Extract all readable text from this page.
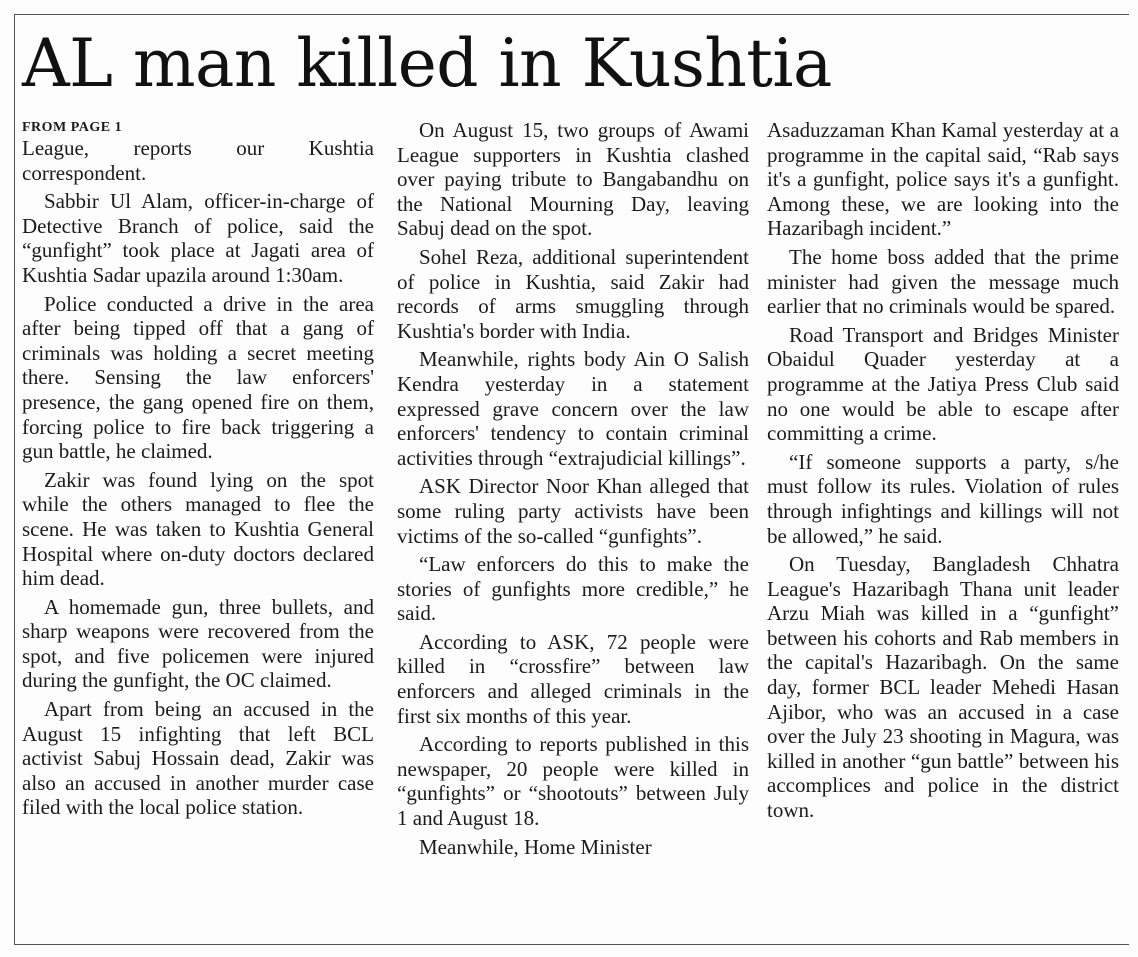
AL man killed in Kushtia
FROM PAGE 1

League, reports our Kushtia correspondent.

Sabbir Ul Alam, officer-in-charge of Detective Branch of police, said the “gunfight” took place at Jagati area of Kushtia Sadar upazila around 1:30am.

Police conducted a drive in the area after being tipped off that a gang of criminals was holding a secret meeting there. Sensing the law enforcers' presence, the gang opened fire on them, forcing police to fire back triggering a gun battle, he claimed.

Zakir was found lying on the spot while the others managed to flee the scene. He was taken to Kushtia General Hospital where on-duty doctors declared him dead.

A homemade gun, three bullets, and sharp weapons were recovered from the spot, and five policemen were injured during the gunfight, the OC claimed.

Apart from being an accused in the August 15 infighting that left BCL activist Sabuj Hossain dead, Zakir was also an accused in another murder case filed with the local police station.

On August 15, two groups of Awami League supporters in Kushtia clashed over paying tribute to Bangabandhu on the National Mourning Day, leaving Sabuj dead on the spot.

Sohel Reza, additional superintendent of police in Kushtia, said Zakir had records of arms smuggling through Kushtia's border with India.

Meanwhile, rights body Ain O Salish Kendra yesterday in a statement expressed grave concern over the law enforcers' tendency to contain criminal activities through “extrajudicial killings”.

ASK Director Noor Khan alleged that some ruling party activists have been victims of the so-called “gunfights”.

“Law enforcers do this to make the stories of gunfights more credible,” he said.

According to ASK, 72 people were killed in “crossfire” between law enforcers and alleged criminals in the first six months of this year.

According to reports published in this newspaper, 20 people were killed in “gunfights” or “shootouts” between July 1 and August 18.

Meanwhile, Home Minister

Asaduzzaman Khan Kamal yesterday at a programme in the capital said, “Rab says it's a gunfight, police says it's a gunfight. Among these, we are looking into the Hazaribagh incident.”

The home boss added that the prime minister had given the message much earlier that no criminals would be spared.

Road Transport and Bridges Minister Obaidul Quader yesterday at a programme at the Jatiya Press Club said no one would be able to escape after committing a crime.

“If someone supports a party, s/he must follow its rules. Violation of rules through infightings and killings will not be allowed,” he said.

On Tuesday, Bangladesh Chhatra League's Hazaribagh Thana unit leader Arzu Miah was killed in a “gunfight” between his cohorts and Rab members in the capital's Hazaribagh. On the same day, former BCL leader Mehedi Hasan Ajibor, who was an accused in a case over the July 23 shooting in Magura, was killed in another “gun battle” between his accomplices and police in the district town.
